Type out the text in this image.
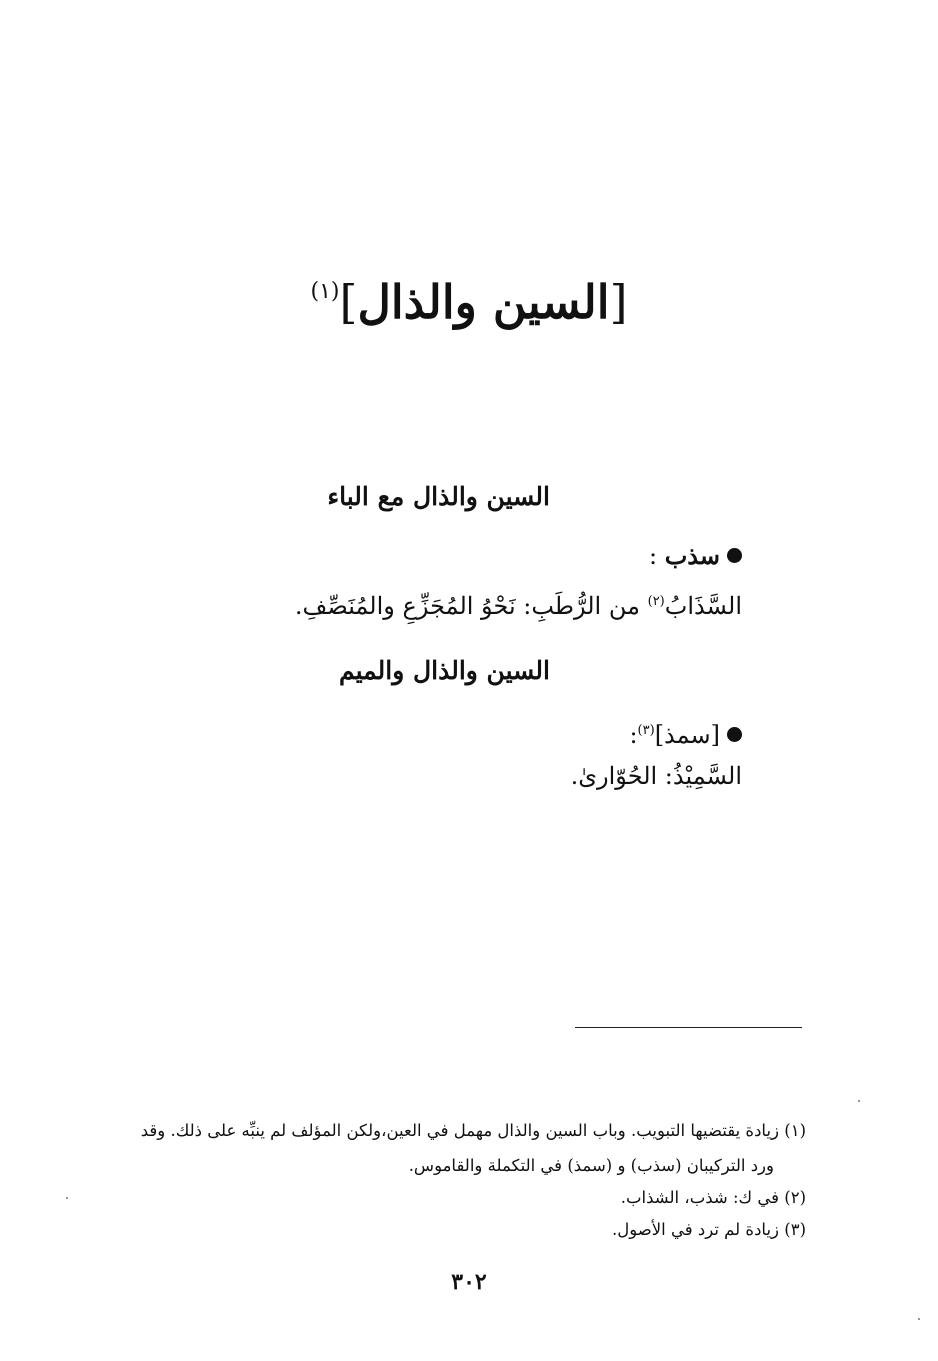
[السين والذال]$^{(١)}$
السين والذال مع الباء
سذب :
السَّذَابُ$^{(٢)}$ من الرُّطَبِ: نَحْوُ المُجَزِّعِ والمُنَصِّفِ.
السين والذال والميم
[سمذ]$^{(٣)}$:
السَّمِيْذُ: الحُوّارىٰ.
(١) زيادة يقتضيها التبويب. وباب السين والذال مهمل في العين،ولكن المؤلف لم ينبِّه على ذلك. وقد
ورد التركيبان (سذب) و (سمذ) في التكملة والقاموس.
(٢) في ك: شذب، الشذاب.
(٣) زيادة لم ترد في الأصول.
٣٠٢
